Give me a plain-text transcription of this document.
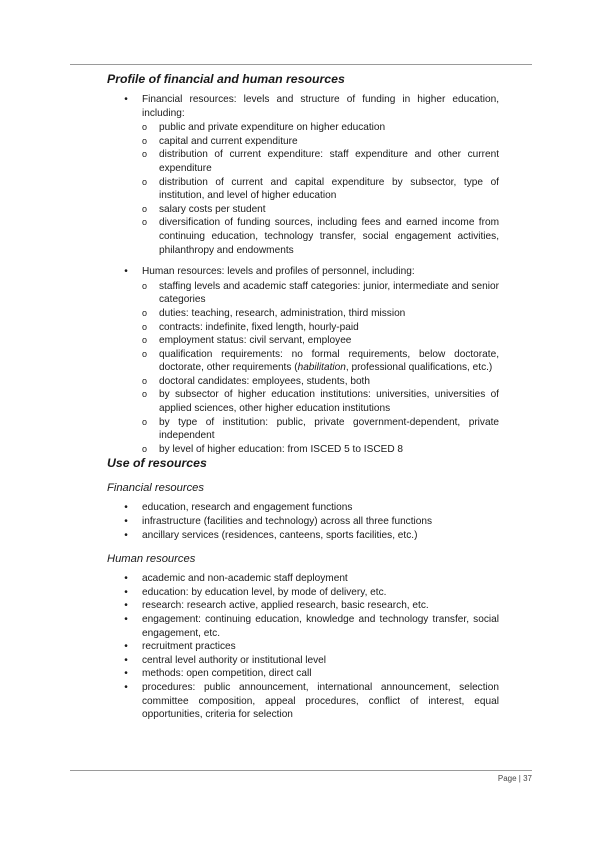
Profile of financial and human resources
•	Financial resources: levels and structure of funding in higher education, including:
o public and private expenditure on higher education
o capital and current expenditure
o distribution of current expenditure: staff expenditure and other current expenditure
o distribution of current and capital expenditure by subsector, type of institution, and level of higher education
o salary costs per student
o diversification of funding sources, including fees and earned income from continuing education, technology transfer, social engagement activities, philanthropy and endowments
•	Human resources: levels and profiles of personnel, including:
o staffing levels and academic staff categories: junior, intermediate and senior categories
o duties: teaching, research, administration, third mission
o contracts: indefinite, fixed length, hourly-paid
o employment status: civil servant, employee
o qualification requirements: no formal requirements, below doctorate, doctorate, other requirements (habilitation, professional qualifications, etc.)
o doctoral candidates: employees, students, both
o by subsector of higher education institutions: universities, universities of applied sciences, other higher education institutions
o by type of institution: public, private government-dependent, private independent
o by level of higher education: from ISCED 5 to ISCED 8
Use of resources
Financial resources
•	education, research and engagement functions
•	infrastructure (facilities and technology) across all three functions
•	ancillary services (residences, canteens, sports facilities, etc.)
Human resources
•	academic and non-academic staff deployment
•	education: by education level, by mode of delivery, etc.
•	research: research active, applied research, basic research, etc.
•	engagement: continuing education, knowledge and technology transfer, social engagement, etc.
•	recruitment practices
•	central level authority or institutional level
•	methods: open competition, direct call
•	procedures: public announcement, international announcement, selection committee composition, appeal procedures, conflict of interest, equal opportunities, criteria for selection
Page | 37
